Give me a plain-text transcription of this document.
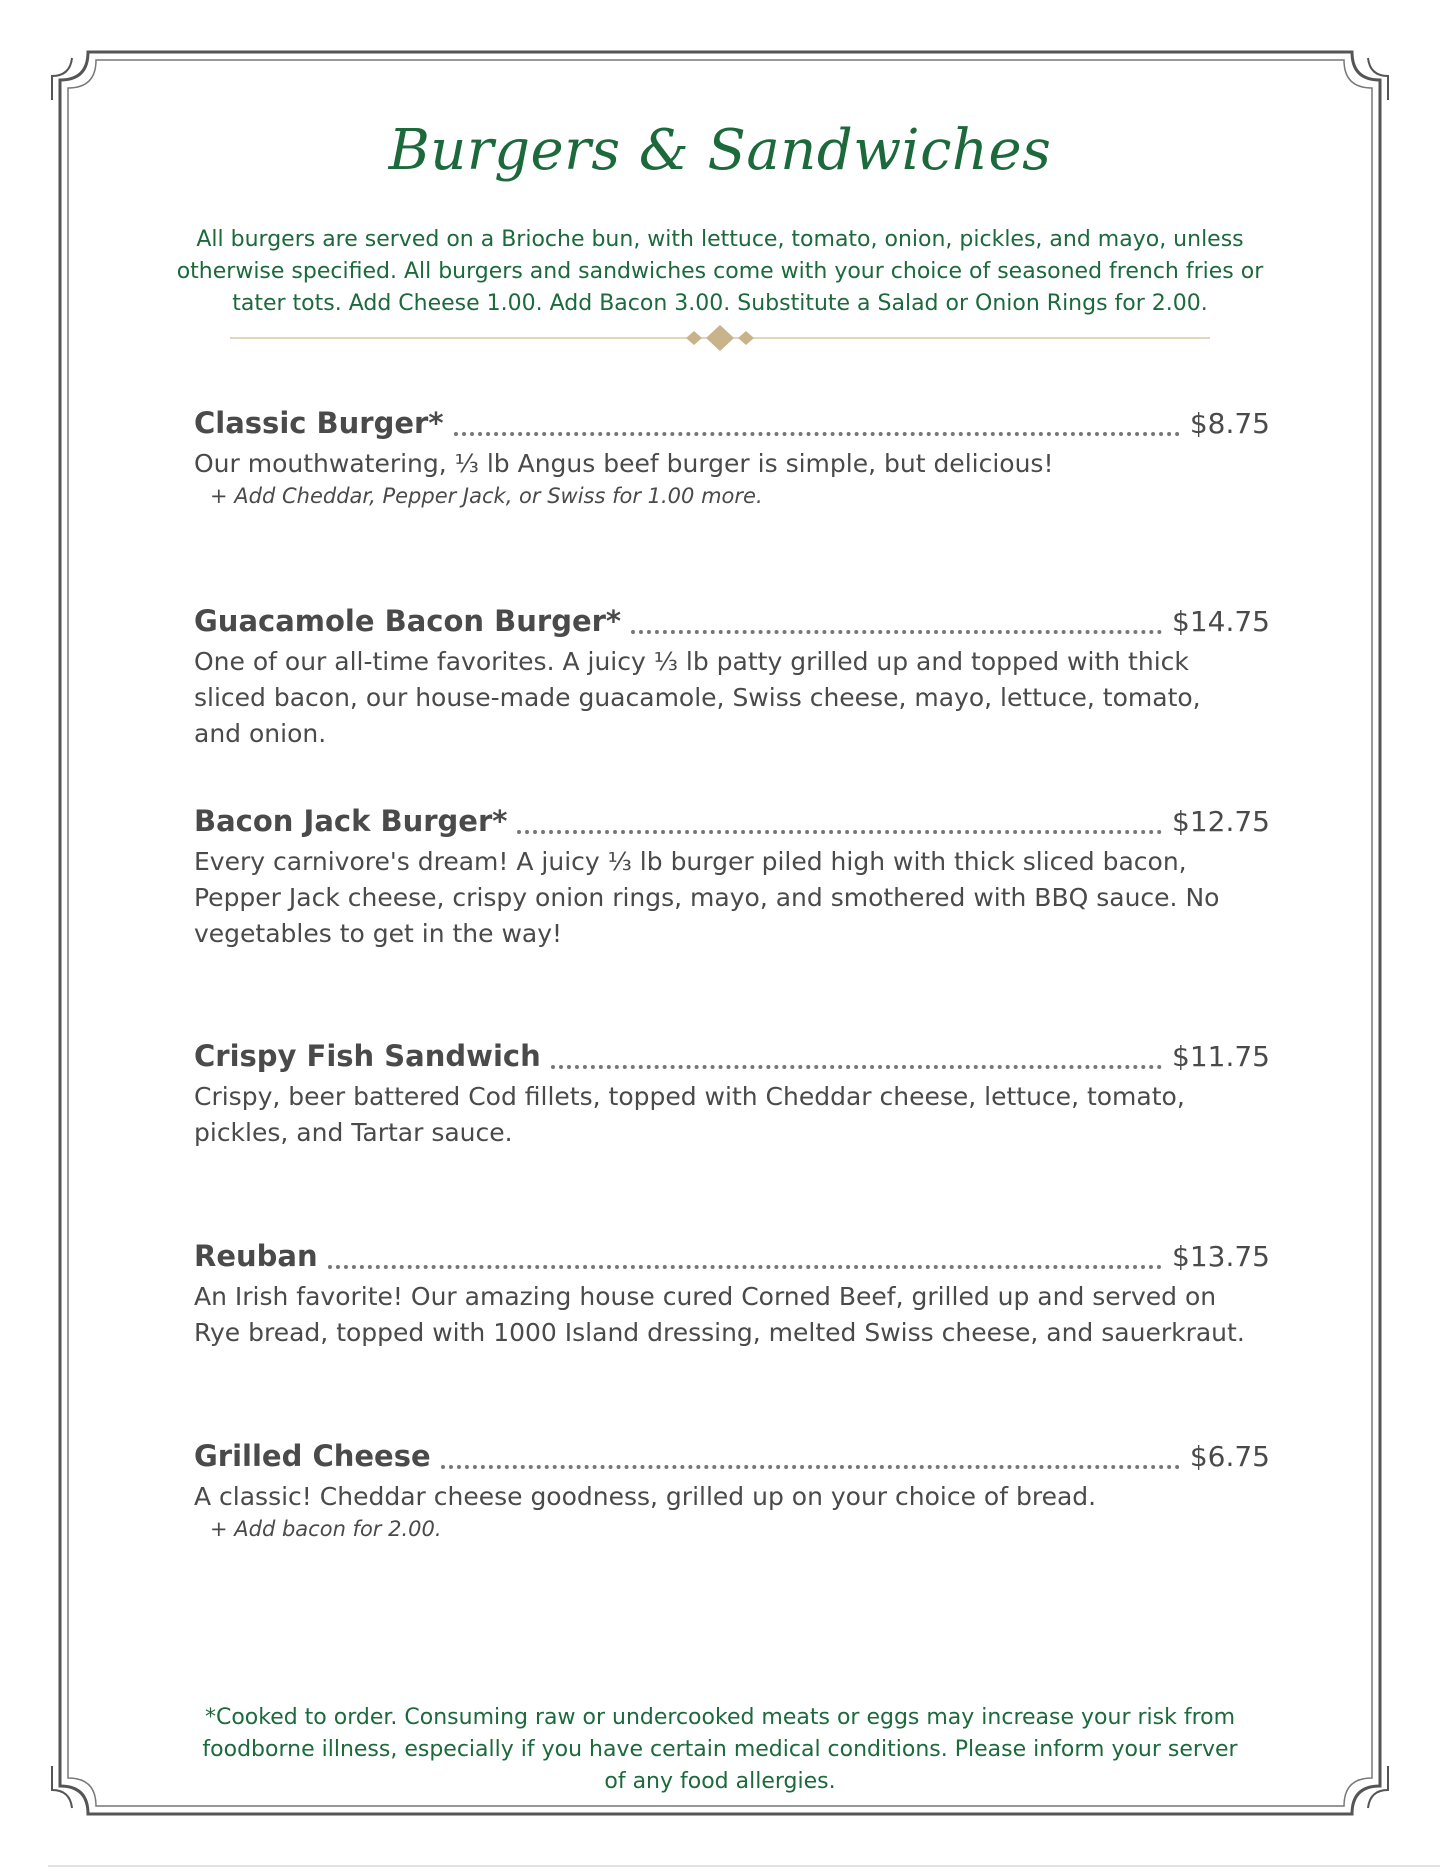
Burgers & Sandwiches
All burgers are served on a Brioche bun, with lettuce, tomato, onion, pickles, and mayo, unless otherwise specified. All burgers and sandwiches come with your choice of seasoned french fries or tater tots. Add Cheese 1.00. Add Bacon 3.00. Substitute a Salad or Onion Rings for 2.00.
Classic Burger*	$8.75
Our mouthwatering, ⅓ lb Angus beef burger is simple, but delicious!
+ Add Cheddar, Pepper Jack, or Swiss for 1.00 more.
Guacamole Bacon Burger*	$14.75
One of our all-time favorites. A juicy ⅓ lb patty grilled up and topped with thick sliced bacon, our house-made guacamole, Swiss cheese, mayo, lettuce, tomato, and onion.
Bacon Jack Burger*	$12.75
Every carnivore's dream! A juicy ⅓ lb burger piled high with thick sliced bacon, Pepper Jack cheese, crispy onion rings, mayo, and smothered with BBQ sauce. No vegetables to get in the way!
Crispy Fish Sandwich	$11.75
Crispy, beer battered Cod fillets, topped with Cheddar cheese, lettuce, tomato, pickles, and Tartar sauce.
Reuban	$13.75
An Irish favorite! Our amazing house cured Corned Beef, grilled up and served on Rye bread, topped with 1000 Island dressing, melted Swiss cheese, and sauerkraut.
Grilled Cheese	$6.75
A classic! Cheddar cheese goodness, grilled up on your choice of bread.
+ Add bacon for 2.00.
*Cooked to order. Consuming raw or undercooked meats or eggs may increase your risk from foodborne illness, especially if you have certain medical conditions. Please inform your server of any food allergies.
